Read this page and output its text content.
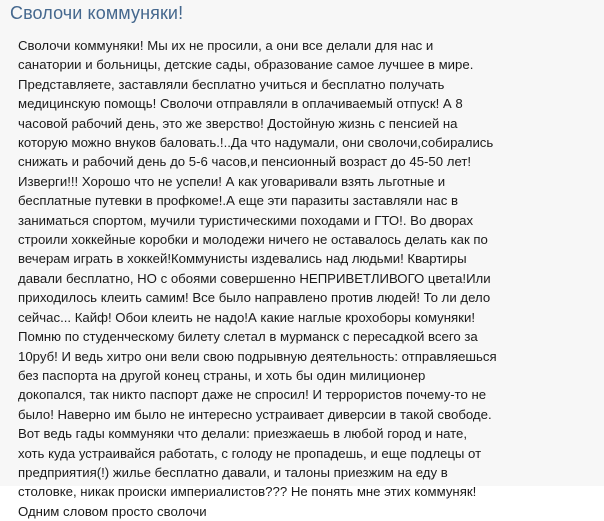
Сволочи коммуняки!
Сволочи коммуняки! Мы их не просили, а они все делали для нас и
санатории и больницы, детские сады, образование самое лучшее в мире.
Представляете, заставляли бесплатно учиться и бесплатно получать
медицинскую помощь! Сволочи отправляли в оплачиваемый отпуск! А 8
часовой рабочий день, это же зверство! Достойную жизнь с пенсией на
которую можно внуков баловать.!..Да что надумали, они сволочи,собирались
снижать и рабочий день до 5-6 часов,и пенсионный возраст до 45-50 лет!
Изверги!!! Хорошо что не успели! А как уговаривали взять льготные и
бесплатные путевки в профкоме!.А еще эти паразиты заставляли нас в
заниматься спортом, мучили туристическими походами и ГТО!. Во дворах
строили хоккейные коробки и молодежи ничего не оставалось делать как по
вечерам играть в хоккей!Коммунисты издевались над людьми! Квартиры
давали бесплатно, НО с обоями совершенно НЕПРИВЕТЛИВОГО цвета!Или
приходилось клеить самим! Все было направлено против людей! То ли дело
сейчас... Кайф! Обои клеить не надо!А какие наглые крохоборы комуняки!
Помню по студенческому билету слетал в мурманск с пересадкой всего за
10руб! И ведь хитро они вели свою подрывную деятельность: отправляешься
без паспорта на другой конец страны, и хоть бы один милиционер
докопался, так никто паспорт даже не спросил! И террористов почему-то не
было! Наверно им было не интересно устраивает диверсии в такой свободе.
Вот ведь гады коммуняки что делали: приезжаешь в любой город и нате,
хоть куда устраивайся работать, с голоду не пропадешь, и еще подлецы от
предприятия(!) жилье бесплатно давали, и талоны приезжим на еду в
столовке, никак происки империалистов??? Не понять мне этих коммуняк!
Одним словом просто сволочи
